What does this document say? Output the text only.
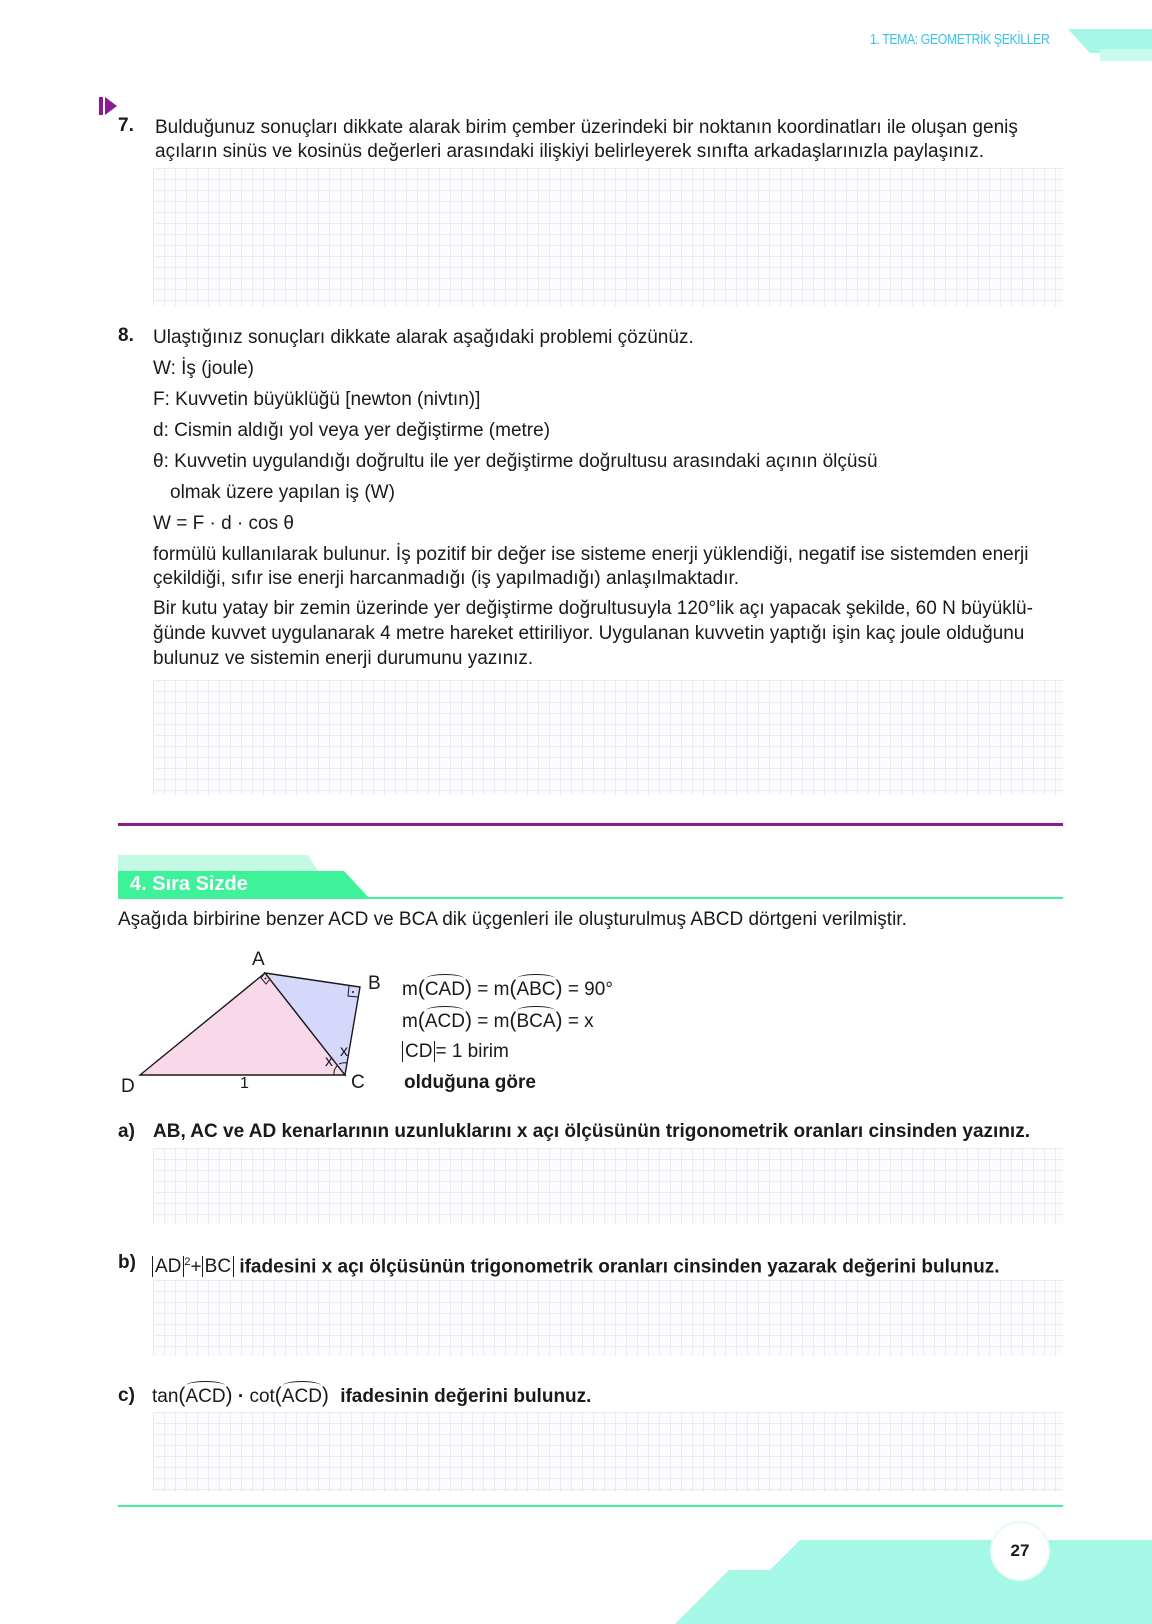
1. TEMA: GEOMETRİK ŞEKİLLER
7. Bulduğunuz sonuçları dikkate alarak birim çember üzerindeki bir noktanın koordinatları ile oluşan geniş
açıların sinüs ve kosinüs değerleri arasındaki ilişkiyi belirleyerek sınıfta arkadaşlarınızla paylaşınız.
8. Ulaştığınız sonuçları dikkate alarak aşağıdaki problemi çözünüz.
W: İş (joule)
F: Kuvvetin büyüklüğü [newton (nivtın)]
d: Cismin aldığı yol veya yer değiştirme (metre)
θ: Kuvvetin uygulandığı doğrultu ile yer değiştirme doğrultusu arasındaki açının ölçüsü
olmak üzere yapılan iş (W)
W = F · d · cos θ
formülü kullanılarak bulunur. İş pozitif bir değer ise sisteme enerji yüklendiği, negatif ise sistemden enerji
çekildiği, sıfır ise enerji harcanmadığı (iş yapılmadığı) anlaşılmaktadır.
Bir kutu yatay bir zemin üzerinde yer değiştirme doğrultusuyla 120°lik açı yapacak şekilde, 60 N büyüklü-
ğünde kuvvet uygulanarak 4 metre hareket ettiriliyor. Uygulanan kuvvetin yaptığı işin kaç joule olduğunu
bulunuz ve sistemin enerji durumunu yazınız.
4. Sıra Sizde
Aşağıda birbirine benzer ACD ve BCA dik üçgenleri ile oluşturulmuş ABCD dörtgeni verilmiştir.
A
B
C
D	1
x
x
m(CAD) = m(ABC) = 90°
m(ACD) = m(BCA) = x
CD = 1 birim
olduğuna göre
a) AB, AC ve AD kenarlarının uzunluklarını x açı ölçüsünün trigonometrik oranları cinsinden yazınız.
b) AD $^2$+ BC ifadesini x açı ölçüsünün trigonometrik oranları cinsinden yazarak değerini bulunuz.
c) tan(ACD) · cot(ACD) ifadesinin değerini bulunuz.
27
